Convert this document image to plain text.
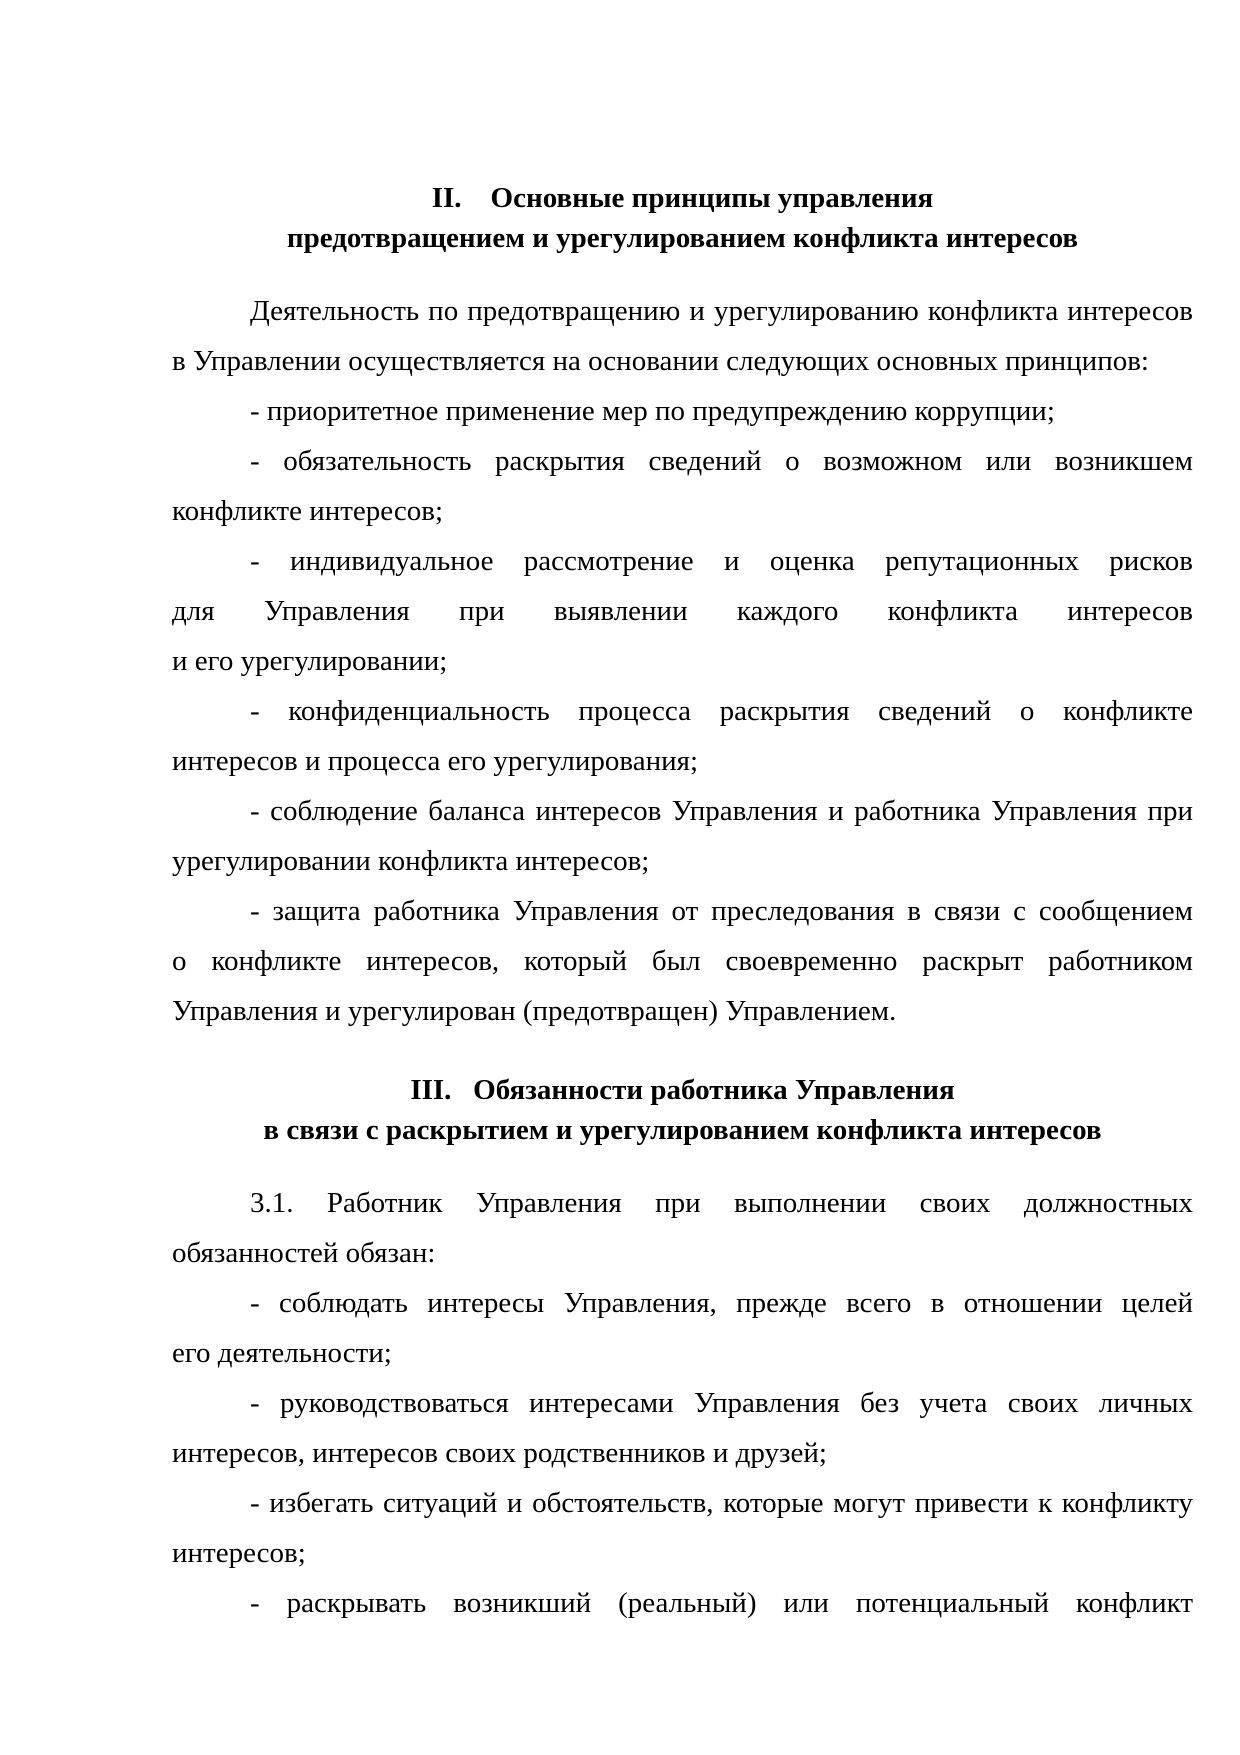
II.    Основные принципы управления
предотвращением и урегулированием конфликта интересов

Деятельность по предотвращению и урегулированию конфликта интересов
в Управлении осуществляется на основании следующих основных принципов:

- приоритетное применение мер по предупреждению коррупции;

- обязательность раскрытия сведений о возможном или возникшем
конфликте интересов;

- индивидуальное рассмотрение и оценка репутационных рисков
для Управления при выявлении каждого конфликта интересов
и его урегулировании;

- конфиденциальность процесса раскрытия сведений о конфликте
интересов и процесса его урегулирования;

- соблюдение баланса интересов Управления и работника Управления при
урегулировании конфликта интересов;

- защита работника Управления от преследования в связи с сообщением
о конфликте интересов, который был своевременно раскрыт работником
Управления и урегулирован (предотвращен) Управлением.

III.   Обязанности работника Управления
в связи с раскрытием и урегулированием конфликта интересов

3.1. Работник Управления при выполнении своих должностных
обязанностей обязан:

- соблюдать интересы Управления, прежде всего в отношении целей
его деятельности;

- руководствоваться интересами Управления без учета своих личных
интересов, интересов своих родственников и друзей;

- избегать ситуаций и обстоятельств, которые могут привести к конфликту
интересов;

- раскрывать возникший (реальный) или потенциальный конфликт
